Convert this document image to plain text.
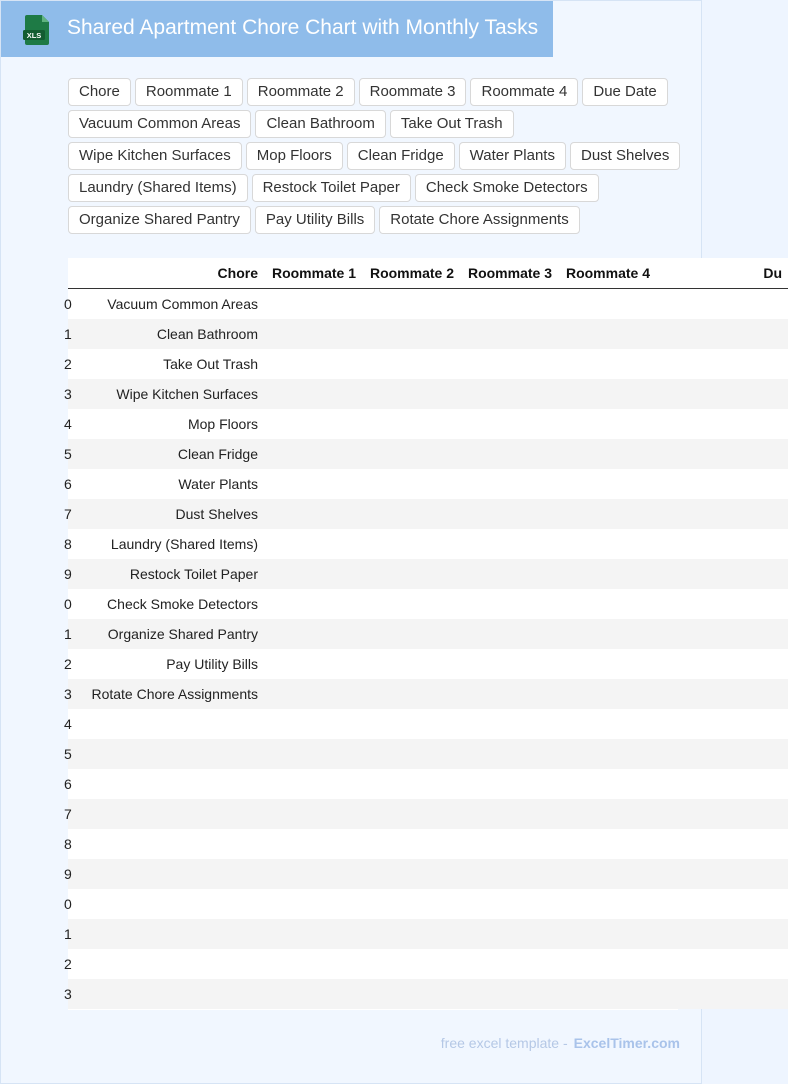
XLS Shared Apartment Chore Chart with Monthly Tasks
Chore	Roommate 1	Roommate 2	Roommate 3	Roommate 4	Due Date
Vacuum Common Areas	Clean Bathroom	Take Out Trash
Wipe Kitchen Surfaces	Mop Floors	Clean Fridge	Water Plants	Dust Shelves
Laundry (Shared Items)	Restock Toilet Paper	Check Smoke Detectors
Organize Shared Pantry	Pay Utility Bills	Rotate Chore Assignments
	Chore	Roommate 1	Roommate 2	Roommate 3	Roommate 4	Du
0	Vacuum Common Areas					
1	Clean Bathroom					
2	Take Out Trash					
3	Wipe Kitchen Surfaces					
4	Mop Floors					
5	Clean Fridge					
6	Water Plants					
7	Dust Shelves					
8	Laundry (Shared Items)					
9	Restock Toilet Paper					
0	Check Smoke Detectors					
1	Organize Shared Pantry					
2	Pay Utility Bills					
3	Rotate Chore Assignments					
4						
5						
6						
7						
8						
9						
0						
1						
2						
3						
free excel template - ExcelTimer.com
